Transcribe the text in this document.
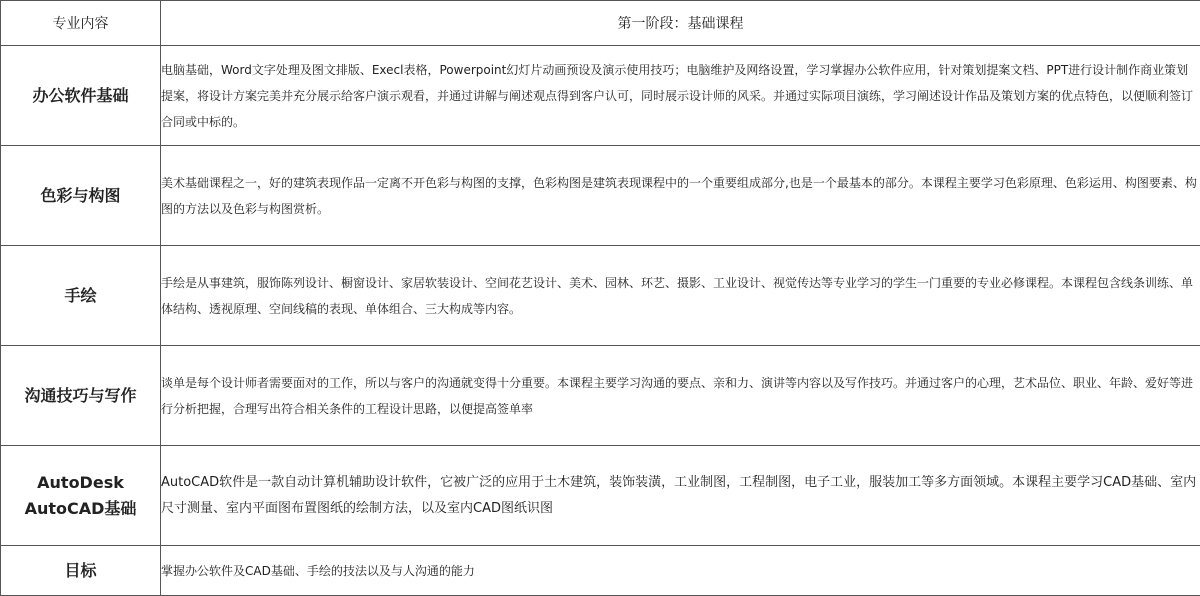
专业内容	第一阶段：基础课程
办公软件基础	电脑基础，Word文字处理及图文排版、Execl表格，Powerpoint幻灯片动画预设及演示使用技巧；电脑维护及网络设置，学习掌握办公软件应用，针对策划提案文档、PPT进行设计制作商业策划提案，将设计方案完美并充分展示给客户演示观看，并通过讲解与阐述观点得到客户认可，同时展示设计师的风采。并通过实际项目演练，学习阐述设计作品及策划方案的优点特色，以便顺利签订合同或中标的。
色彩与构图	美术基础课程之一，好的建筑表现作品一定离不开色彩与构图的支撑，色彩构图是建筑表现课程中的一个重要组成部分,也是一个最基本的部分。本课程主要学习色彩原理、色彩运用、构图要素、构图的方法以及色彩与构图赏析。
手绘	手绘是从事建筑，服饰陈列设计、橱窗设计、家居软装设计、空间花艺设计、美术、园林、环艺、摄影、工业设计、视觉传达等专业学习的学生一门重要的专业必修课程。本课程包含线条训练、单体结构、透视原理、空间线稿的表现、单体组合、三大构成等内容。
沟通技巧与写作	谈单是每个设计师者需要面对的工作，所以与客户的沟通就变得十分重要。本课程主要学习沟通的要点、亲和力、演讲等内容以及写作技巧。并通过客户的心理，艺术品位、职业、年龄、爱好等进行分析把握，合理写出符合相关条件的工程设计思路，以便提高签单率

AutoDesk
AutoCAD基础	AutoCAD软件是一款自动计算机辅助设计软件，它被广泛的应用于土木建筑，装饰装潢，工业制图，工程制图，电子工业，服装加工等多方面领域。本课程主要学习CAD基础、室内尺寸测量、室内平面图布置图纸的绘制方法，以及室内CAD图纸识图
目标	掌握办公软件及CAD基础、手绘的技法以及与人沟通的能力
